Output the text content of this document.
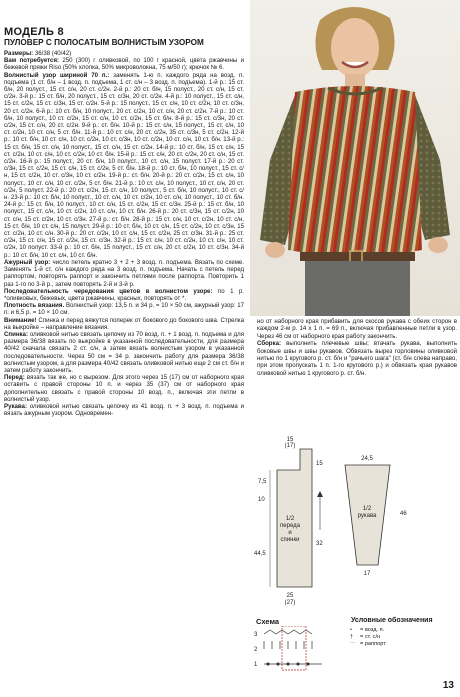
МОДЕЛЬ 8
ПУЛОВЕР С ПОЛОСАТЫМ ВОЛНИСТЫМ УЗОРОМ

Размеры: 36/38 (40/42)

Вам потребуется: 250 (300) г оливковой, по 100 г красной, цвета ржавчины и бежевой пряжи Riso (50% хлопка, 50% микроволокна, 75 м/50 г); крючок № 6.

Волнистый узор шириной 70 п.: заменять 1-ю п. каждого ряда на возд. п. подъема (1 ст. б/н – 1 возд. п. подъема, 1 ст. с/н – 3 возд. п. подъема). 1-й р.: 15 ст. б/н, 20 полуст., 15 ст. с/н, 20 ст. с/2н. 2-й р.: 20 ст. б/н, 15 полуст., 20 ст. с/н, 15 ст. с/2н. 3-й р.: 15 ст. б/н, 20 полуст., 15 ст. с/3н, 20 ст. с/2н. 4-й р.: 10 полуст., 15 ст. с/н, 15 ст. с/2н, 15 ст. с/3н, 15 ст. с/2н. 5-й р.: 15 полуст., 15 ст. с/н, 10 ст. с/2н, 10 ст. с/3н, 20 ст. с/2н. 6-й р.: 10 ст. б/н, 10 полуст., 20 ст. с/2н, 10 ст. с/н, 20 ст. с/2н. 7-й р.: 10 ст. б/н, 10 полуст., 10 ст. с/2н, 15 ст. с/н, 10 ст. с/2н, 15 ст. б/н. 8-й р.: 15 ст. с/3н, 20 ст. с/2н, 15 ст. с/н, 20 ст. с/2н. 9-й р.: ст. б/н. 10-й р.: 15 ст. с/н, 15 полуст., 15 ст. с/н, 10 ст. с/2н, 10 ст. с/н, 5 ст. б/н. 11-й р.: 10 ст. с/н, 20 ст. с/2н, 35 ст. с/3н, 5 ст. с/2н. 12-й р.: 10 ст. б/н, 10 ст. с/н, 10 ст. с/2н, 10 ст. с/3н, 10 ст. с/2н, 10 ст. с/н, 10 ст. б/н. 13-й р.: 15 ст. б/н, 15 ст. с/н, 10 полуст., 15 ст. с/н, 15 ст. с/2н. 14-й р.: 10 ст. б/н, 15 ст. с/н, 15 ст. с/2н, 10 ст. с/н, 10 ст. с/2н, 10 ст. б/н. 15-й р.: 15 ст. с/н, 20 ст. с/2н, 20 ст. с/н, 15 ст. с/2н. 16-й р.: 15 полуст., 20 ст. б/н, 10 полуст., 10 ст. с/н, 15 полуст. 17-й р.: 20 ст. с/3н, 15 ст. с/2н, 15 ст. с/н, 15 ст. с/2н, 5 ст. б/н. 18-й р.: 10 ст. б/н, 10 полуст., 15 ст. с/н, 15 ст. с/2н, 10 ст. с/3н, 10 ст. с/2н. 19-й р.: ст. б/н. 20-й р.: 20 ст. с/2н, 15 ст. с/н, 10 полуст., 10 ст. с/н, 10 ст. с/2н, 5 ст. б/н. 21-й р.: 10 ст. с/н, 10 полуст., 10 ст. с/н, 20 ст. с/2н, 5 полуст. 22-й р.: 20 ст. с/2н, 15 ст. с/н, 10 полуст., 5 ст. б/н, 10 полуст., 10 ст. с/н. 23-й р.: 10 ст. б/н, 10 полуст., 10 ст. с/н, 10 ст. с/2н, 10 ст. с/н, 10 полуст., 10 ст. б/н. 24-й р.: 15 ст. б/н, 10 полуст., 10 ст. с/н, 15 ст. с/2н, 15 ст. с/3н. 25-й р.: 15 ст. б/н, 10 полуст., 15 ст. с/н, 10 ст. с/2н, 10 ст. с/н, 10 ст. б/н. 26-й р.: 20 ст. с/3н, 15 ст. с/2н, 10 ст. с/н, 15 ст. с/2н, 10 ст. с/3н. 27-й р.: ст. б/н. 28-й р.: 15 ст. с/н, 10 ст. с/2н, 10 ст. с/н, 15 ст. б/н, 10 ст. с/н, 15 полуст. 29-й р.: 10 ст. б/н, 10 ст. с/н, 15 ст. с/2н, 10 ст. с/3н, 15 ст. с/2н, 10 ст. с/н. 30-й р.: 20 ст. с/2н, 10 ст. с/н, 15 ст. с/2н, 25 ст. с/3н. 31-й р.: 25 ст. с/2н, 15 ст. с/н, 15 ст. с/2н, 15 ст. с/3н. 32-й р.: 15 ст. с/н, 10 ст. с/2н, 10 ст. с/н, 10 ст. с/2н, 10 полуст. 33-й р.: 10 ст. б/н, 15 полуст., 15 ст. с/н, 20 ст. с/2н, 10 ст. с/3н. 34-й р.: 10 ст. б/н, 10 ст. с/н, 10 ст. б/н.

Ажурный узор: число петель кратно 3 + 2 + 3 возд. п. подъема. Вязать по схеме. Заменять 1-й ст. с/н каждого ряда на 3 возд. п. подъема. Начать с петель перед раппортом, повторять раппорт и закончить петлями после раппорта. Повторить 1 раз 1-го по 3-й р., затем повторять 2-й и 3-й р.

Последовательность чередования цветов в волнистом узоре: по 1 р. *оливковых, бежевых, цвета ржавчины, красных, повторять от *.

Плотность вязания. Волнистый узор: 13,5 п. и 34 р. = 10 × 50 см, ажурный узор: 17 п. и 6,5 р. = 10 × 10 см.

Внимание! Спинка и перед вяжутся поперек от бокового до бокового шва. Стрелка на выкройке – направление вязания.

Спинка: оливковой нитью связать цепочку из 70 возд. п. + 1 возд. п. подъема и для размера 36/38 вязать по выкройке в указанной последовательности, для размера 40/42 сначала связать 2 ст. с/н, а затем вязать волнистым узором в указанной последовательности. Через 50 см = 34 р. закончить работу для размера 36/38 волнистым узором, а для размера 40/42 связать оливковой нитью еще 2 см ст. б/н и затем работу закончить.

Перед: вязать так же, но с вырезом. Для этого через 15 (17) см от наборного края оставить с правой стороны 10 п. и через 35 (37) см от наборного края дополнительно связать с правой стороны 10 возд. п., включая эти петли в волнистый узор.

Рукава: оливковой нитью связать цепочку из 41 возд. п. + 3 возд. п. подъема и вязать ажурным узором. Одновремен-

но от наборного края прибавить для скосов рукава с обеих сторон в каждом 2-м р. 14 х 1 п. = 69 п., включая прибавленные петли в узор. Через 46 см от наборного края работу закончить.

Сборка: выполнить плечевые швы; втачать рукава, выполнить боковые швы и швы рукавов. Обвязать вырез горловины оливковой нитью по 1 кругового р. ст. б/н и "рачьего шага" (ст. б/н слева направо, при этом пропускать 1 п. 1-го кругового р.) и обвязать края рукавов оливковой нитью 1 кругового р. ст. б/н.

1/2
переда
и
спинки
15
(17)
7,5
10
44,5
25
(27)
32
15
1/2
рукава
17
46
24,5
Схема
3
2
1
Условные обозначения
• = возд. п.
† = ст. с/н
⋯ = раппорт
13
